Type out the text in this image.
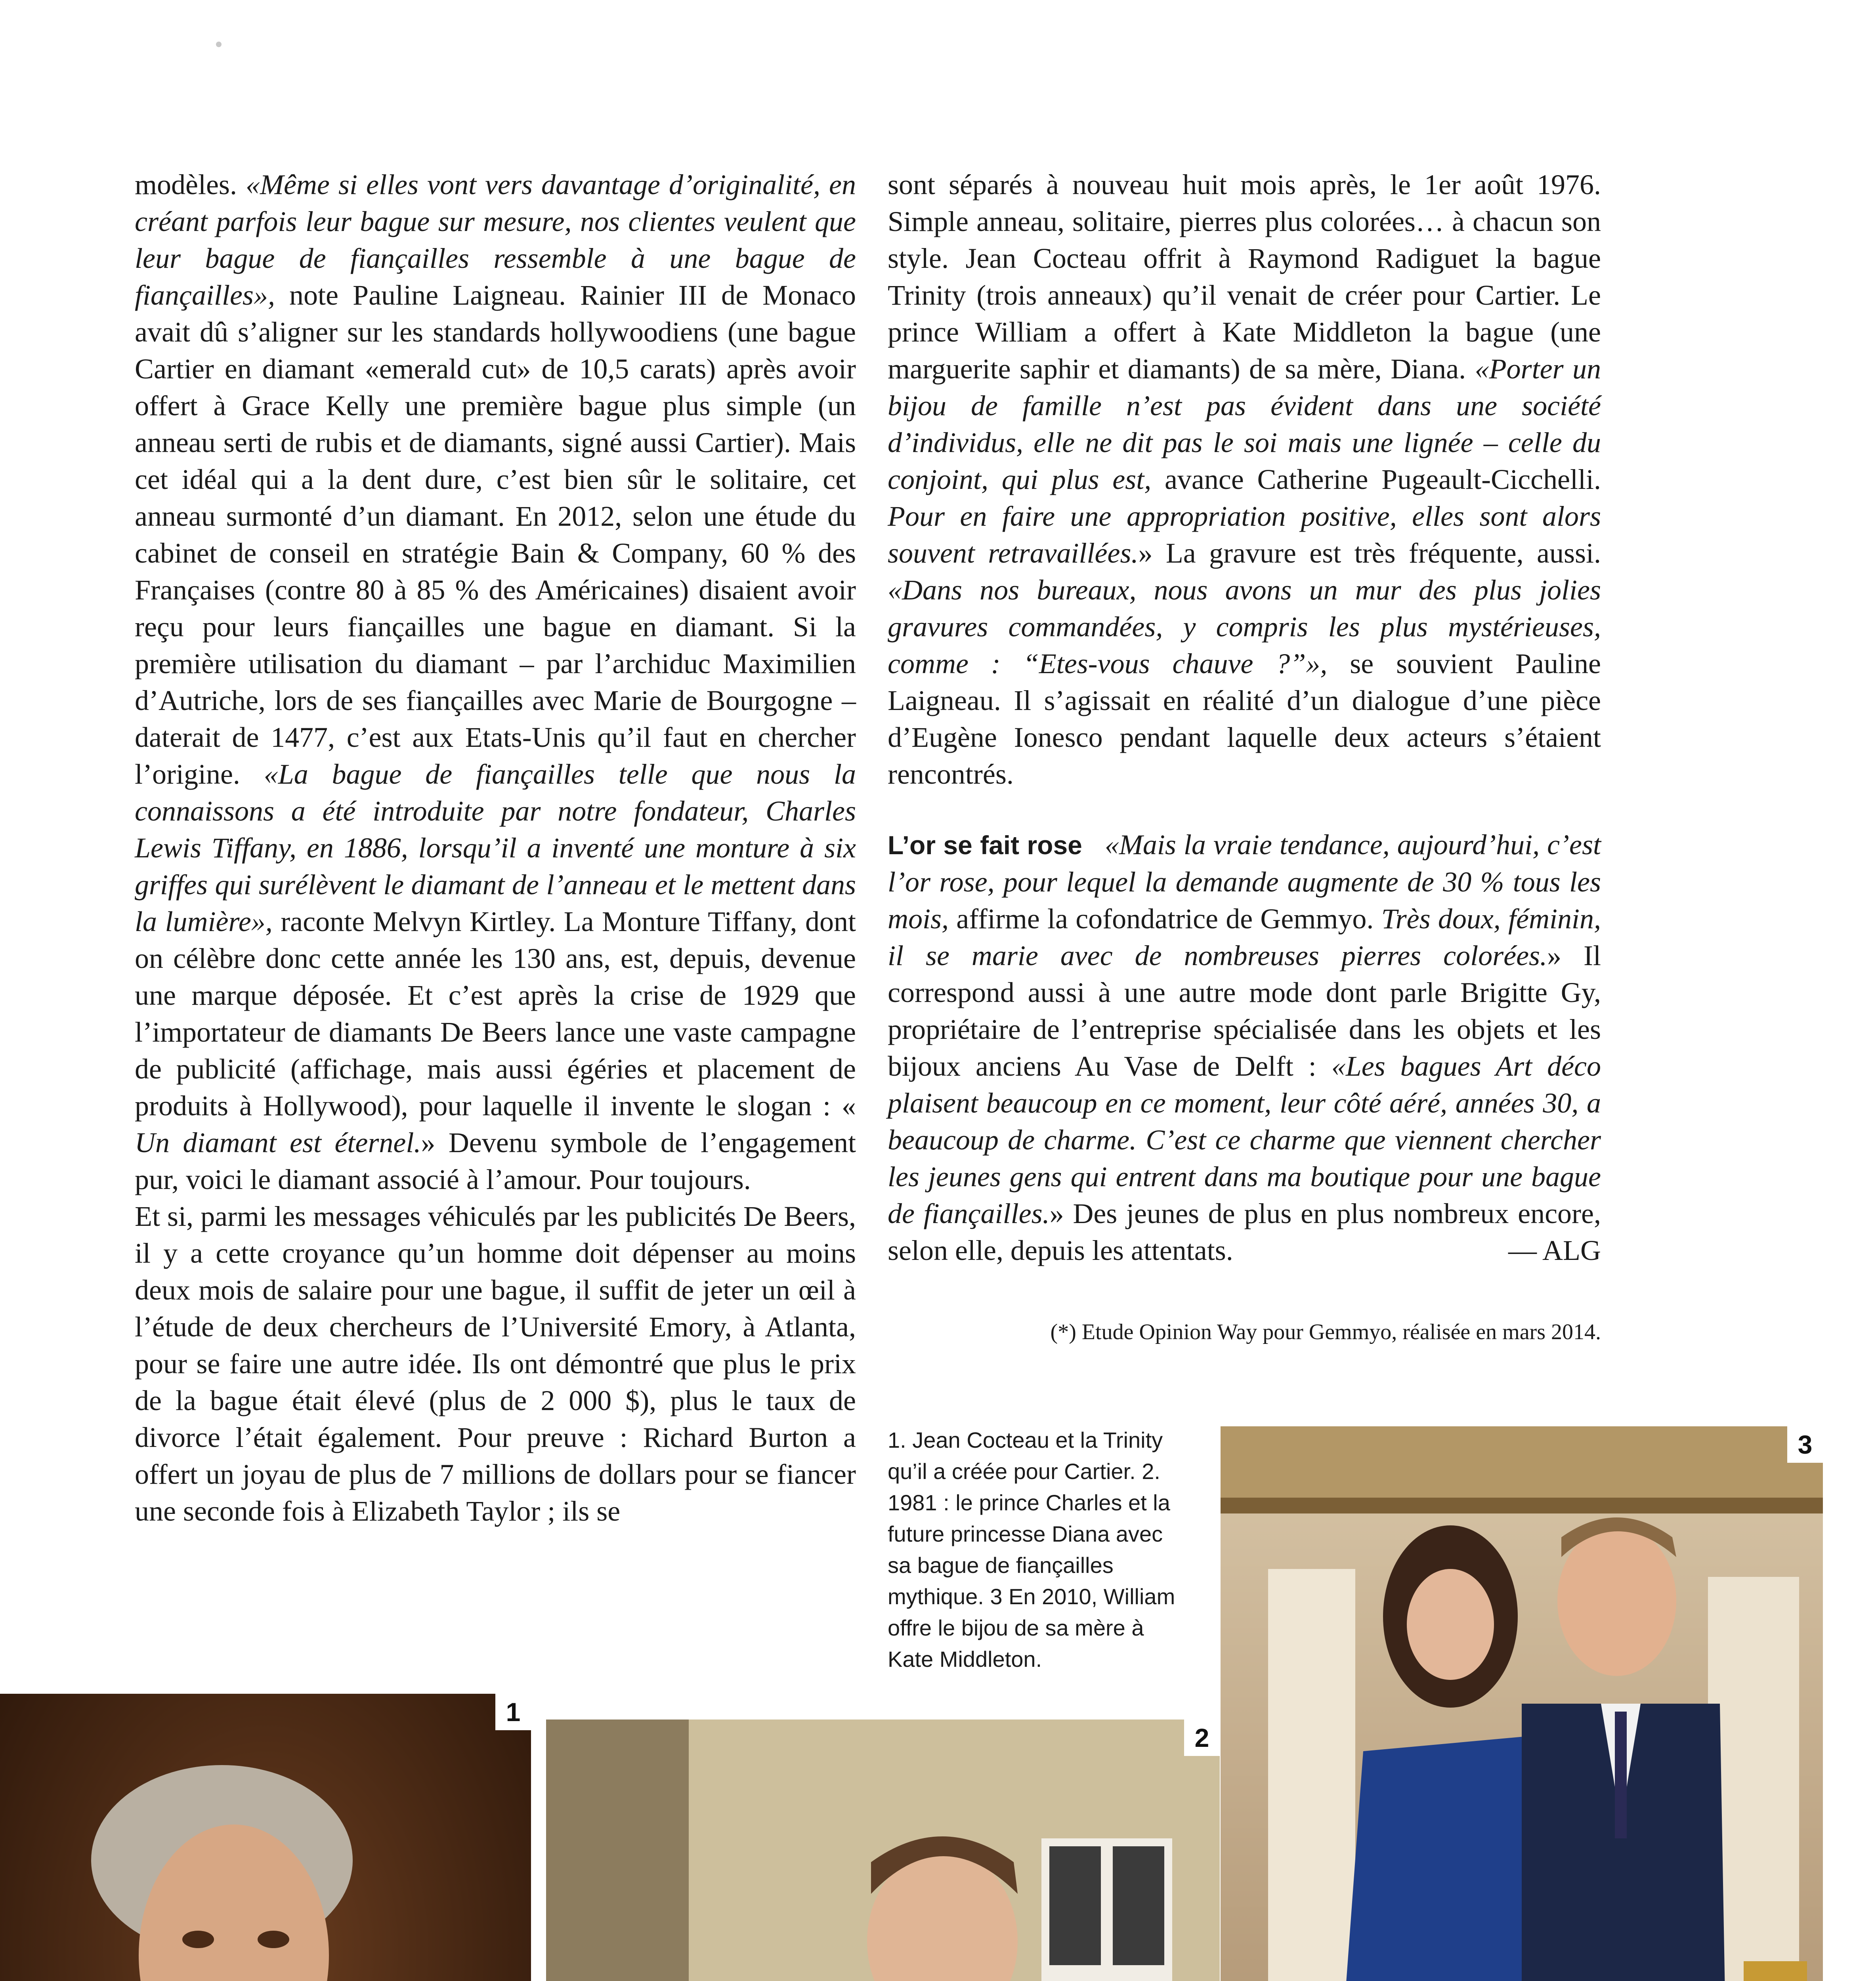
modèles. «Même si elles vont vers davantage d’originalité, en créant parfois leur bague sur mesure, nos clientes veulent que leur bague de fiançailles ressemble à une bague de fiançailles», note Pauline Laigneau. Rainier III de Monaco avait dû s’aligner sur les standards hollywoodiens (une bague Cartier en diamant «emerald cut» de 10,5 carats) après avoir offert à Grace Kelly une première bague plus simple (un anneau serti de rubis et de diamants, signé aussi Cartier). Mais cet idéal qui a la dent dure, c’est bien sûr le solitaire, cet anneau surmonté d’un diamant. En 2012, selon une étude du cabinet de conseil en stratégie Bain & Company, 60 % des Françaises (contre 80 à 85 % des Américaines) disaient avoir reçu pour leurs fiançailles une bague en diamant. Si la première utilisation du diamant – par l’archiduc Maximilien d’Autriche, lors de ses fiançailles avec Marie de Bourgogne – daterait de 1477, c’est aux Etats-Unis qu’il faut en chercher l’origine. «La bague de fiançailles telle que nous la connaissons a été introduite par notre fondateur, Charles Lewis Tiffany, en 1886, lorsqu’il a inventé une monture à six griffes qui surélèvent le diamant de l’anneau et le mettent dans la lumière», raconte Melvyn Kirtley. La Monture Tiffany, dont on célèbre donc cette année les 130 ans, est, depuis, devenue une marque déposée. Et c’est après la crise de 1929 que l’importateur de diamants De Beers lance une vaste campagne de publicité (affichage, mais aussi égéries et placement de produits à Hollywood), pour laquelle il invente le slogan : « Un diamant est éternel.» Devenu symbole de l’engagement pur, voici le diamant associé à l’amour. Pour toujours.

Et si, parmi les messages véhiculés par les publicités De Beers, il y a cette croyance qu’un homme doit dépenser au moins deux mois de salaire pour une bague, il suffit de jeter un œil à l’étude de deux chercheurs de l’Université Emory, à Atlanta, pour se faire une autre idée. Ils ont démontré que plus le prix de la bague était élevé (plus de 2 000 $), plus le taux de divorce l’était également. Pour preuve : Richard Burton a offert un joyau de plus de 7 millions de dollars pour se fiancer une seconde fois à Elizabeth Taylor ; ils se

sont séparés à nouveau huit mois après, le 1er août 1976. Simple anneau, solitaire, pierres plus colorées… à chacun son style. Jean Cocteau offrit à Raymond Radiguet la bague Trinity (trois anneaux) qu’il venait de créer pour Cartier. Le prince William a offert à Kate Middleton la bague (une marguerite saphir et diamants) de sa mère, Diana. «Porter un bijou de famille n’est pas évident dans une société d’individus, elle ne dit pas le soi mais une lignée – celle du conjoint, qui plus est, avance Catherine Pugeault-Cicchelli. Pour en faire une appropriation positive, elles sont alors souvent retravaillées.» La gravure est très fréquente, aussi. «Dans nos bureaux, nous avons un mur des plus jolies gravures commandées, y compris les plus mystérieuses, comme : “Etes-vous chauve ?”», se souvient Pauline Laigneau. Il s’agissait en réalité d’un dialogue d’une pièce d’Eugène Ionesco pendant laquelle deux acteurs s’étaient rencontrés.

L’or se fait rose «Mais la vraie tendance, aujourd’hui, c’est l’or rose, pour lequel la demande augmente de 30 % tous les mois, affirme la cofondatrice de Gemmyo. Très doux, féminin, il se marie avec de nombreuses pierres colorées.» Il correspond aussi à une autre mode dont parle Brigitte Gy, propriétaire de l’entreprise spécialisée dans les objets et les bijoux anciens Au Vase de Delft : «Les bagues Art déco plaisent beaucoup en ce moment, leur côté aéré, années 30, a beaucoup de charme. C’est ce charme que viennent chercher les jeunes gens qui entrent dans ma boutique pour une bague de fiançailles.» Des jeunes de plus en plus nombreux encore, selon elle, depuis les attentats.	— ALG

(*) Etude Opinion Way pour Gemmyo, réalisée en mars 2014.
1. Jean Cocteau et la Trinity qu’il a créée pour Cartier. 2. 1981 : le prince Charles et la future princesse Diana avec sa bague de fiançailles mythique. 3 En 2010, William offre le bijou de sa mère à Kate Middleton.
1
2
3
